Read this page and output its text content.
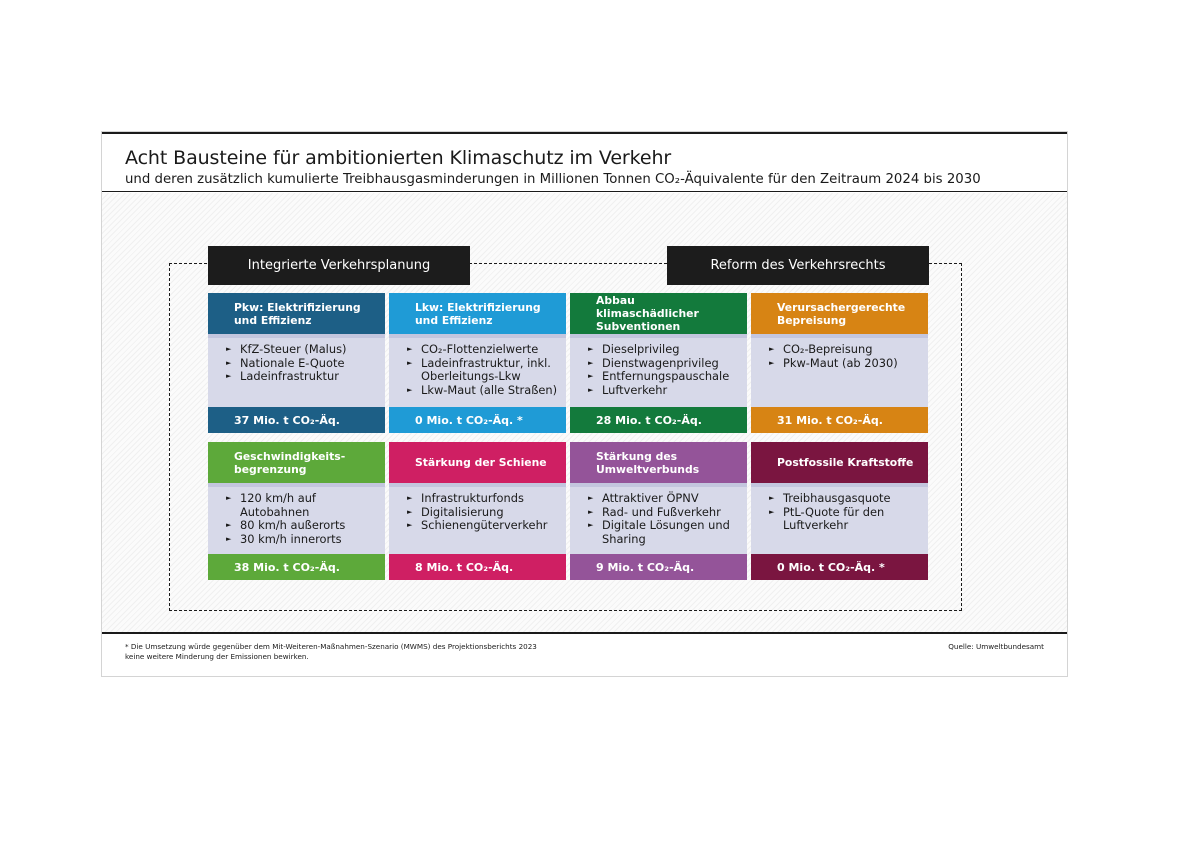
Acht Bausteine für ambitionierten Klimaschutz im Verkehr
und deren zusätzlich kumulierte Treibhausgasminderungen in Millionen Tonnen CO₂-Äquivalente für den Zeitraum 2024 bis 2030
Integrierte Verkehrsplanung	Reform des Verkehrsrechts
Pkw: Elektrifizierung und Effizienz
► KfZ-Steuer (Malus)
► Nationale E-Quote
► Ladeinfrastruktur
37 Mio. t CO₂-Äq.
Lkw: Elektrifizierung und Effizienz
► CO₂-Flottenzielwerte
► Ladeinfrastruktur, inkl. Oberleitungs-Lkw
► Lkw-Maut (alle Straßen)
0 Mio. t CO₂-Äq. *
Abbau klimaschädlicher Subventionen
► Dieselprivileg
► Dienstwagenprivileg
► Entfernungspauschale
► Luftverkehr
28 Mio. t CO₂-Äq.
Verursachergerechte Bepreisung
► CO₂-Bepreisung
► Pkw-Maut (ab 2030)
31 Mio. t CO₂-Äq.
Geschwindigkeits-begrenzung
► 120 km/h auf Autobahnen
► 80 km/h außerorts
► 30 km/h innerorts
38 Mio. t CO₂-Äq.
Stärkung der Schiene
► Infrastrukturfonds
► Digitalisierung
► Schienengüterverkehr
8 Mio. t CO₂-Äq.
Stärkung des Umweltverbunds
► Attraktiver ÖPNV
► Rad- und Fußverkehr
► Digitale Lösungen und Sharing
9 Mio. t CO₂-Äq.
Postfossile Kraftstoffe
► Treibhausgasquote
► PtL-Quote für den Luftverkehr
0 Mio. t CO₂-Äq. *
* Die Umsetzung würde gegenüber dem Mit-Weiteren-Maßnahmen-Szenario (MWMS) des Projektionsberichts 2023 keine weitere Minderung der Emissionen bewirken.
Quelle: Umweltbundesamt
